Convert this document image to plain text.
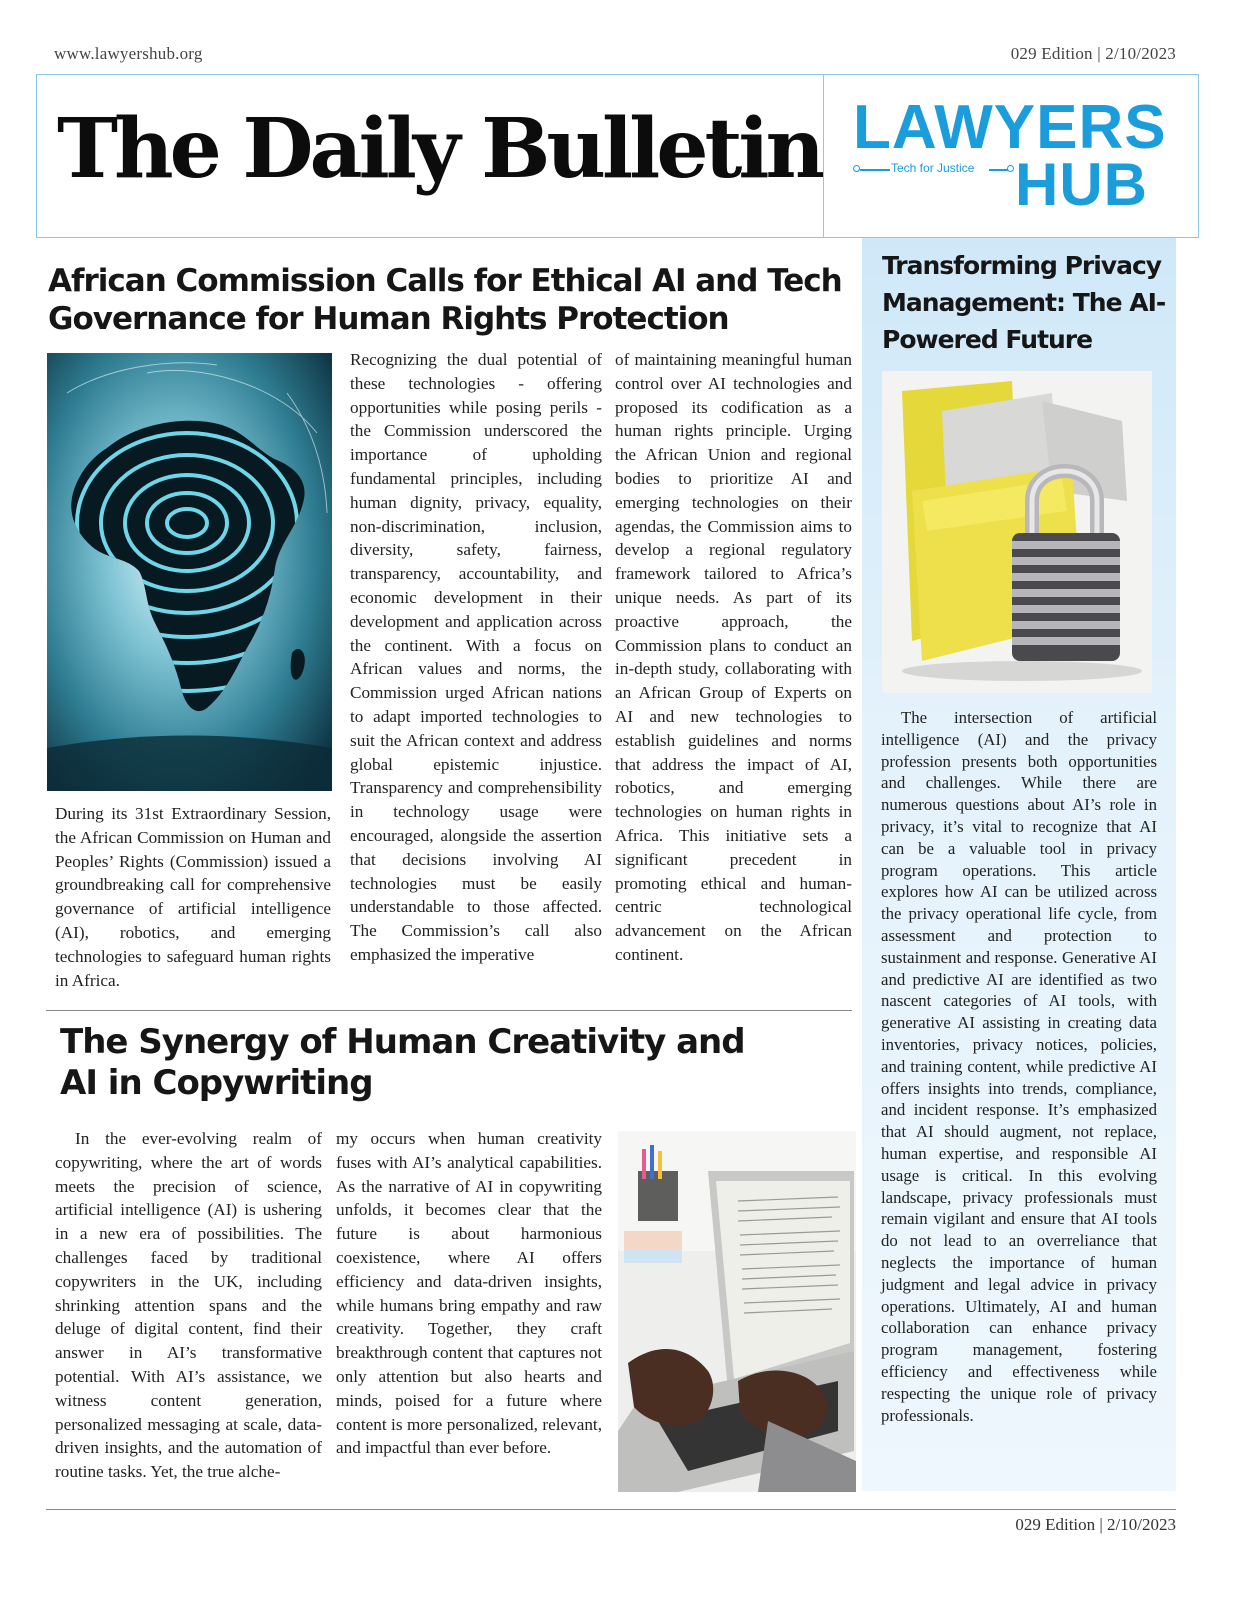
www.lawyershub.org	029 Edition | 2/10/2023
The Daily Bulletin LAWYERS
Tech for Justice HUB
African Commission Calls for Ethical AI and Tech Governance for Human Rights Protection

During its 31st Extraordinary Session, the African Commission on Human and Peoples’ Rights (Commission) issued a groundbreaking call for comprehensive governance of artificial intelligence (AI), robotics, and emerging technologies to safeguard human rights in Africa.

Recognizing the dual potential of these technologies - offering opportunities while posing perils - the Commission underscored the importance of upholding fundamental principles, including human dignity, privacy, equality, non-discrimination, inclusion, diversity, safety, fairness, transparency, accountability, and economic development in their development and application across the continent. With a focus on African values and norms, the Commission urged African nations to adapt imported technologies to suit the African context and address global epistemic injustice. Transparency and comprehensibility in technology usage were encouraged, alongside the assertion that decisions involving AI technologies must be easily understandable to those affected. The Commission’s call also emphasized the imperative

of maintaining meaningful human control over AI technologies and proposed its codification as a human rights principle. Urging the African Union and regional bodies to prioritize AI and emerging technologies on their agendas, the Commission aims to develop a regional regulatory framework tailored to Africa’s unique needs. As part of its proactive approach, the Commission plans to conduct an in-depth study, collaborating with an African Group of Experts on AI and new technologies to establish guidelines and norms that address the impact of AI, robotics, and emerging technologies on human rights in Africa. This initiative sets a significant precedent in promoting ethical and human-centric technological advancement on the African continent.

The Synergy of Human Creativity and AI in Copywriting

In the ever-evolving realm of copywriting, where the art of words meets the precision of science, artificial intelligence (AI) is ushering in a new era of possibilities. The challenges faced by traditional copywriters in the UK, including shrinking attention spans and the deluge of digital content, find their answer in AI’s transformative potential. With AI’s assistance, we witness content generation, personalized messaging at scale, data-driven insights, and the automation of routine tasks. Yet, the true alche-

my occurs when human creativity fuses with AI’s analytical capabilities. As the narrative of AI in copywriting unfolds, it becomes clear that the future is about harmonious coexistence, where AI offers efficiency and data-driven insights, while humans bring empathy and raw creativity. Together, they craft breakthrough content that captures not only attention but also hearts and minds, poised for a future where content is more personalized, relevant, and impactful than ever before.

Transforming Privacy Management: The AI-Powered Future

The intersection of artificial intelligence (AI) and the privacy profession presents both opportunities and challenges. While there are numerous questions about AI’s role in privacy, it’s vital to recognize that AI can be a valuable tool in privacy program operations. This article explores how AI can be utilized across the privacy operational life cycle, from assessment and protection to sustainment and response. Generative AI and predictive AI are identified as two nascent categories of AI tools, with generative AI assisting in creating data inventories, privacy notices, policies, and training content, while predictive AI offers insights into trends, compliance, and incident response. It’s emphasized that AI should augment, not replace, human expertise, and responsible AI usage is critical. In this evolving landscape, privacy professionals must remain vigilant and ensure that AI tools do not lead to an overreliance that neglects the importance of human judgment and legal advice in privacy operations. Ultimately, AI and human collaboration can enhance privacy program management, fostering efficiency and effectiveness while respecting the unique role of privacy professionals.

029 Edition | 2/10/2023
